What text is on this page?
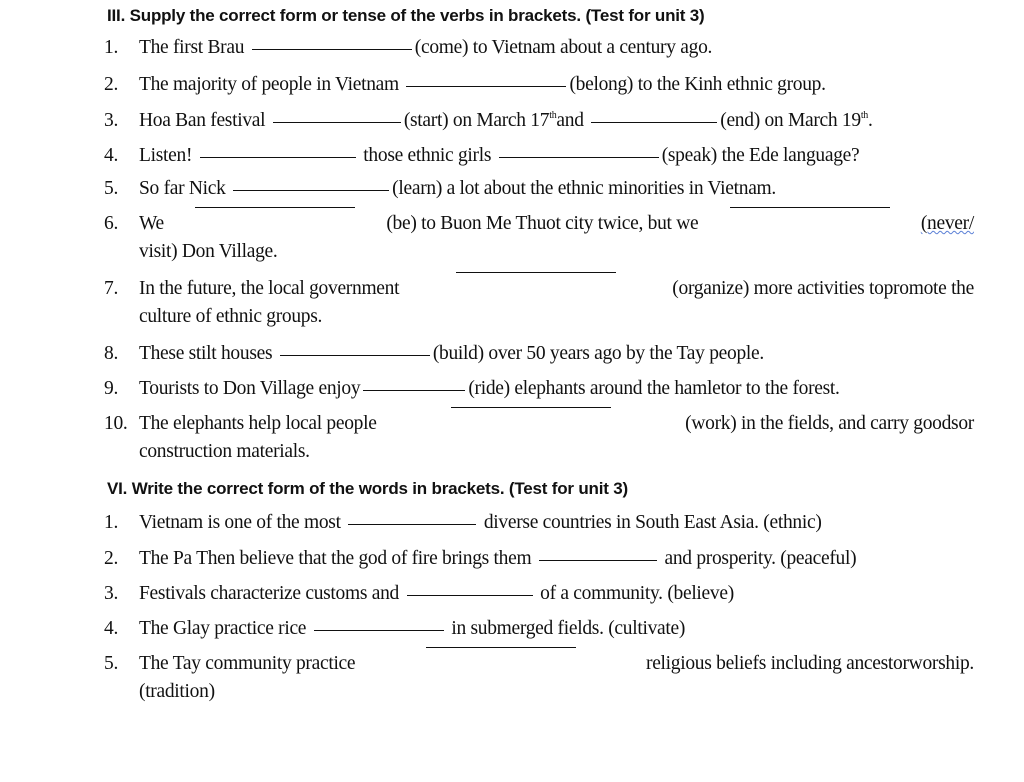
III. Supply the correct form or tense of the verbs in brackets. (Test for unit 3)
1.	The first Brau	(come) to Vietnam about a century ago.
2.	The majority of people in Vietnam	(belong) to the Kinh ethnic group.
3.	Hoa Ban festival	(start) on March 17thand	(end) on March 19th.
4.	Listen!	those ethnic girls	(speak) the Ede language?
5.	So far Nick	(learn) a lot about the ethnic minorities in Vietnam.
6.	We	(be) to Buon Me Thuot city twice, but we	(never/
visit) Don Village.
7.	In the future, the local government	(organize) more activities topromote the
culture of ethnic groups.
8.	These stilt houses	(build) over 50 years ago by the Tay people.
9.	Tourists to Don Village enjoy	(ride) elephants around the hamletor to the forest.
10. The elephants help local people	(work) in the fields, and carry goodsor
construction materials.
VI. Write the correct form of the words in brackets. (Test for unit 3)
1.	Vietnam is one of the most	diverse countries in South East Asia. (ethnic)
2.	The Pa Then believe that the god of fire brings them	and prosperity. (peaceful)
3.	Festivals characterize customs and	of a community. (believe)
4.	The Glay practice rice	in submerged fields. (cultivate)
5.	The Tay community practice	religious beliefs including ancestorworship.
(tradition)
